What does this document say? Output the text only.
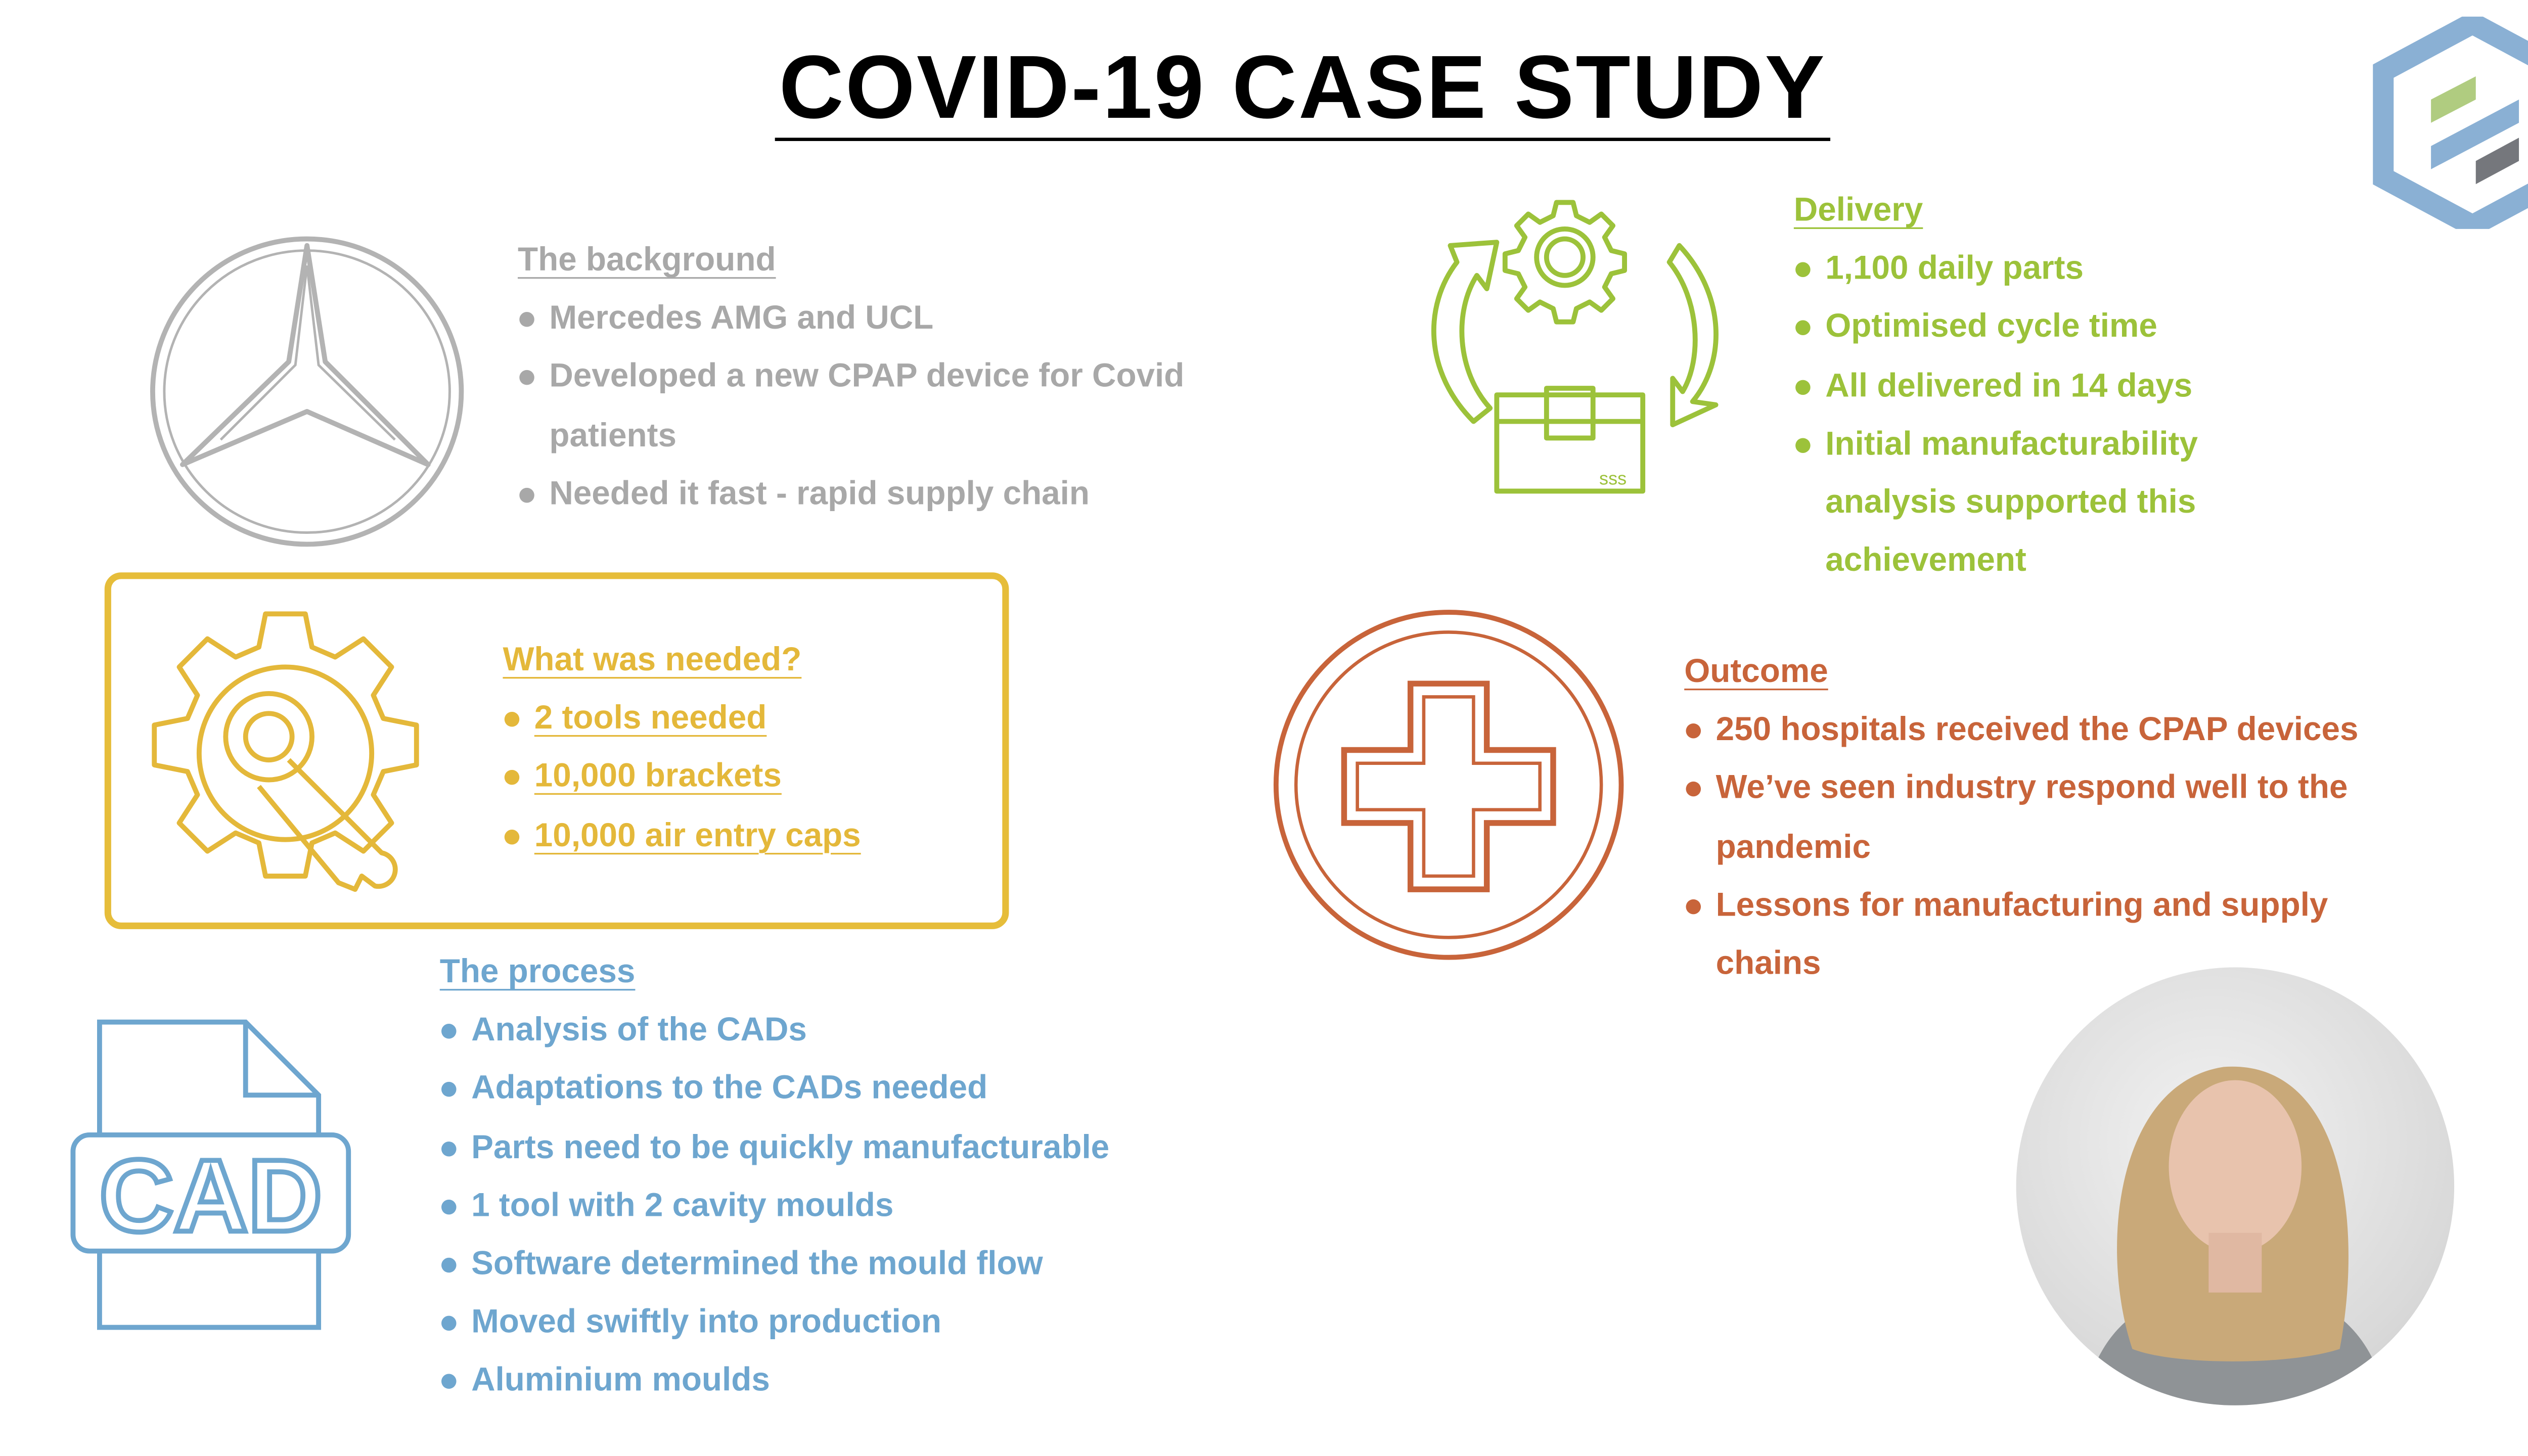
COVID-19 CASE STUDY
The background
Mercedes AMG and UCL
Developed a new CPAP device for Covid
patients
Needed it fast - rapid supply chain
What was needed?
2 tools needed
10,000 brackets
10,000 air entry caps
CAD
The process
Analysis of the CADs
Adaptations to the CADs needed
Parts need to be quickly manufacturable
1 tool with 2 cavity moulds
Software determined the mould flow
Moved swiftly into production
Aluminium moulds
sss
Delivery
1,100 daily parts
Optimised cycle time
All delivered in 14 days
Initial manufacturability
analysis supported this
achievement
Outcome
250 hospitals received the CPAP devices
We’ve seen industry respond well to the
pandemic
Lessons for manufacturing and supply
chains
